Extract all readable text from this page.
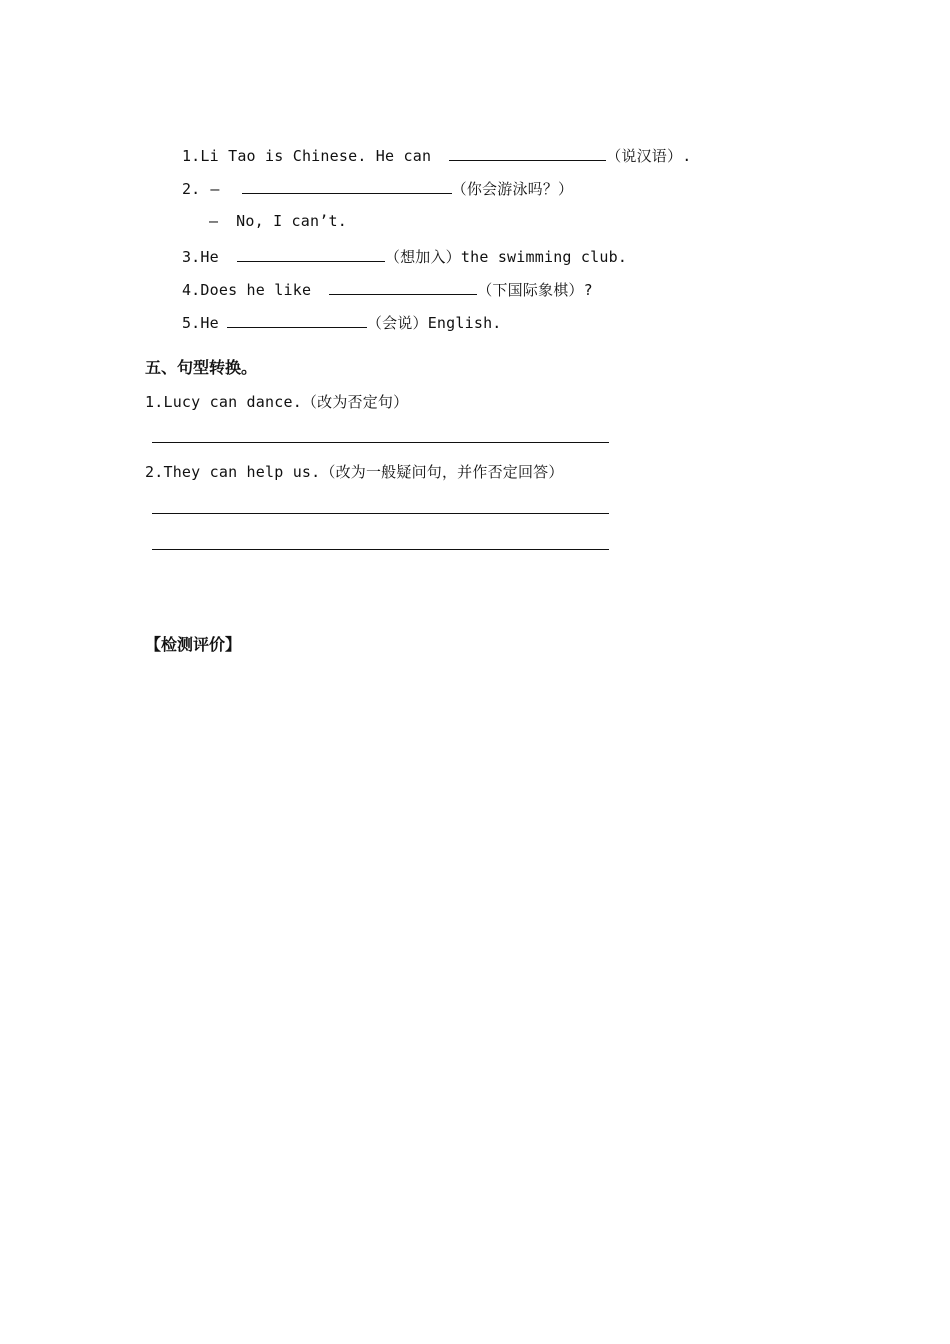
1.Li Tao is Chinese. He can	（说汉语）.

2. —	（你会游泳吗？）

— No, I can’t.

3.He	（想加入）the swimming club.

4.Does he like	（下国际象棋）?

5.He	（会说）English.

五、句型转换。
1.Lucy can dance.（改为否定句）
2.They can help us.（改为一般疑问句，并作否定回答）
【检测评价】
